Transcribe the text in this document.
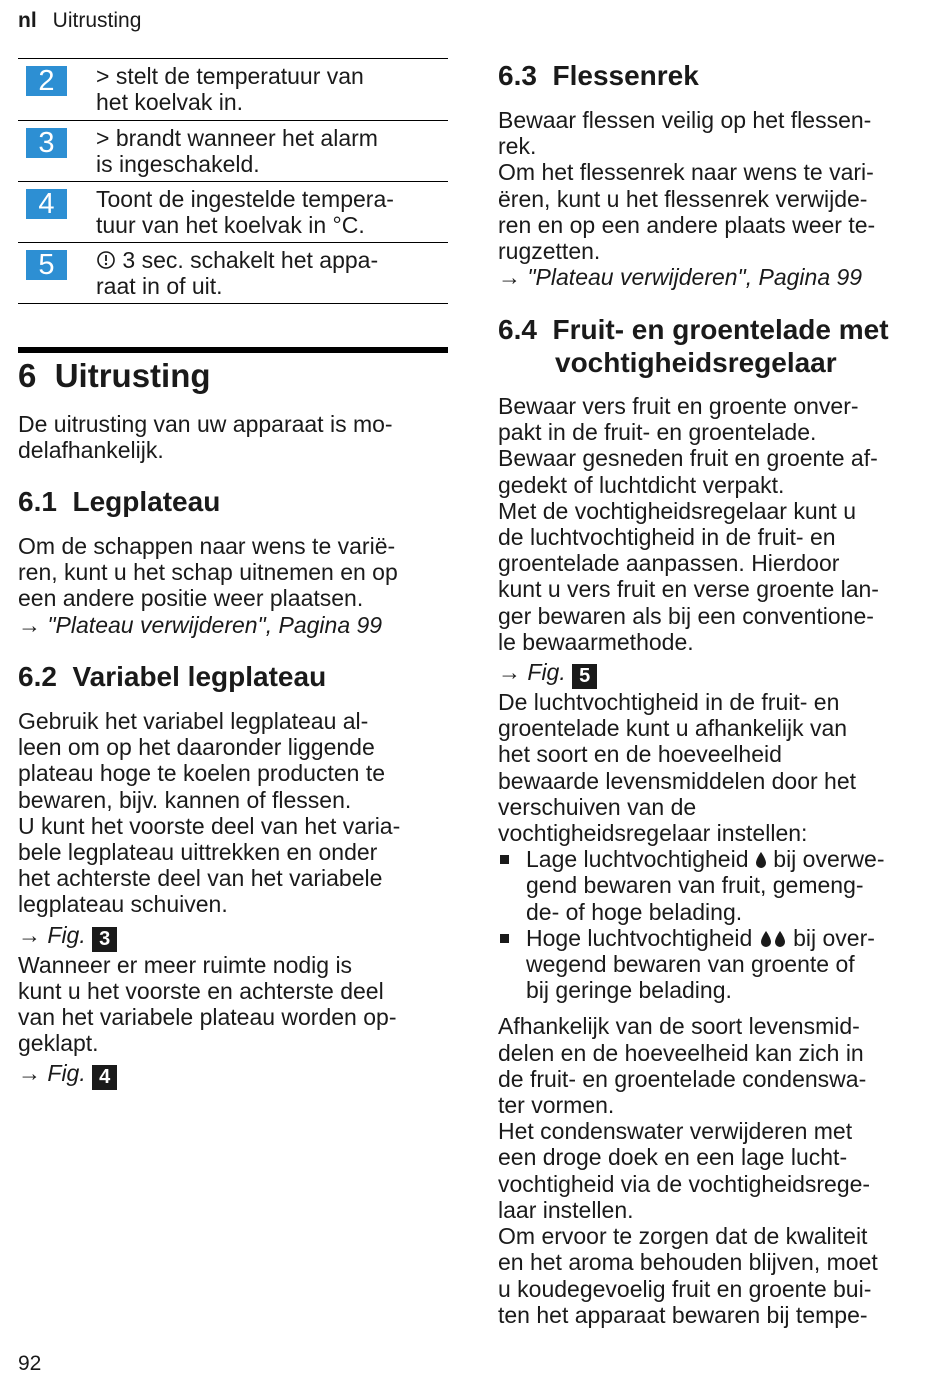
nl Uitrusting
2	> stelt de temperatuur van
het koelvak in.
3	> brandt wanneer het alarm
is ingeschakeld.
4	Toont de ingestelde tempera-
tuur van het koelvak in °C.
5	3 sec. schakelt het appa-
raat in of uit.
6 Uitrusting

De uitrusting van uw apparaat is mo-
delafhankelijk.

6.1 Legplateau

Om de schappen naar wens te varië-
ren, kunt u het schap uitnemen en op
een andere positie weer plaatsen.
→ "Plateau verwijderen", Pagina 99

6.2 Variabel legplateau

Gebruik het variabel legplateau al-
leen om op het daaronder liggende
plateau hoge te koelen producten te
bewaren, bijv. kannen of flessen.
U kunt het voorste deel van het varia-
bele legplateau uittrekken en onder
het achterste deel van het variabele
legplateau schuiven.
→ Fig. 3
Wanneer er meer ruimte nodig is
kunt u het voorste en achterste deel
van het variabele plateau worden op-
geklapt.
→ Fig. 4

6.3 Flessenrek

Bewaar flessen veilig op het flessen-
rek.
Om het flessenrek naar wens te vari-
ëren, kunt u het flessenrek verwijde-
ren en op een andere plaats weer te-
rugzetten.
→ "Plateau verwijderen", Pagina 99

6.4 Fruit- en groentelade met
vochtigheidsregelaar

Bewaar vers fruit en groente onver-
pakt in de fruit- en groentelade.
Bewaar gesneden fruit en groente af-
gedekt of luchtdicht verpakt.
Met de vochtigheidsregelaar kunt u
de luchtvochtigheid in de fruit- en
groentelade aanpassen. Hierdoor
kunt u vers fruit en verse groente lan-
ger bewaren als bij een conventione-
le bewaarmethode.
→ Fig. 5
De luchtvochtigheid in de fruit- en
groentelade kunt u afhankelijk van
het soort en de hoeveelheid
bewaarde levensmiddelen door het
verschuiven van de
vochtigheidsregelaar instellen:

Lage luchtvochtigheid bij overwe-
gend bewaren van fruit, gemeng-
de- of hoge belading.
Hoge luchtvochtigheid bij over-
wegend bewaren van groente of
bij geringe belading.

Afhankelijk van de soort levensmid-
delen en de hoeveelheid kan zich in
de fruit- en groentelade condenswa-
ter vormen.
Het condenswater verwijderen met
een droge doek en een lage lucht-
vochtigheid via de vochtigheidsrege-
laar instellen.
Om ervoor te zorgen dat de kwaliteit
en het aroma behouden blijven, moet
u koudegevoelig fruit en groente bui-
ten het apparaat bewaren bij tempe-

92
